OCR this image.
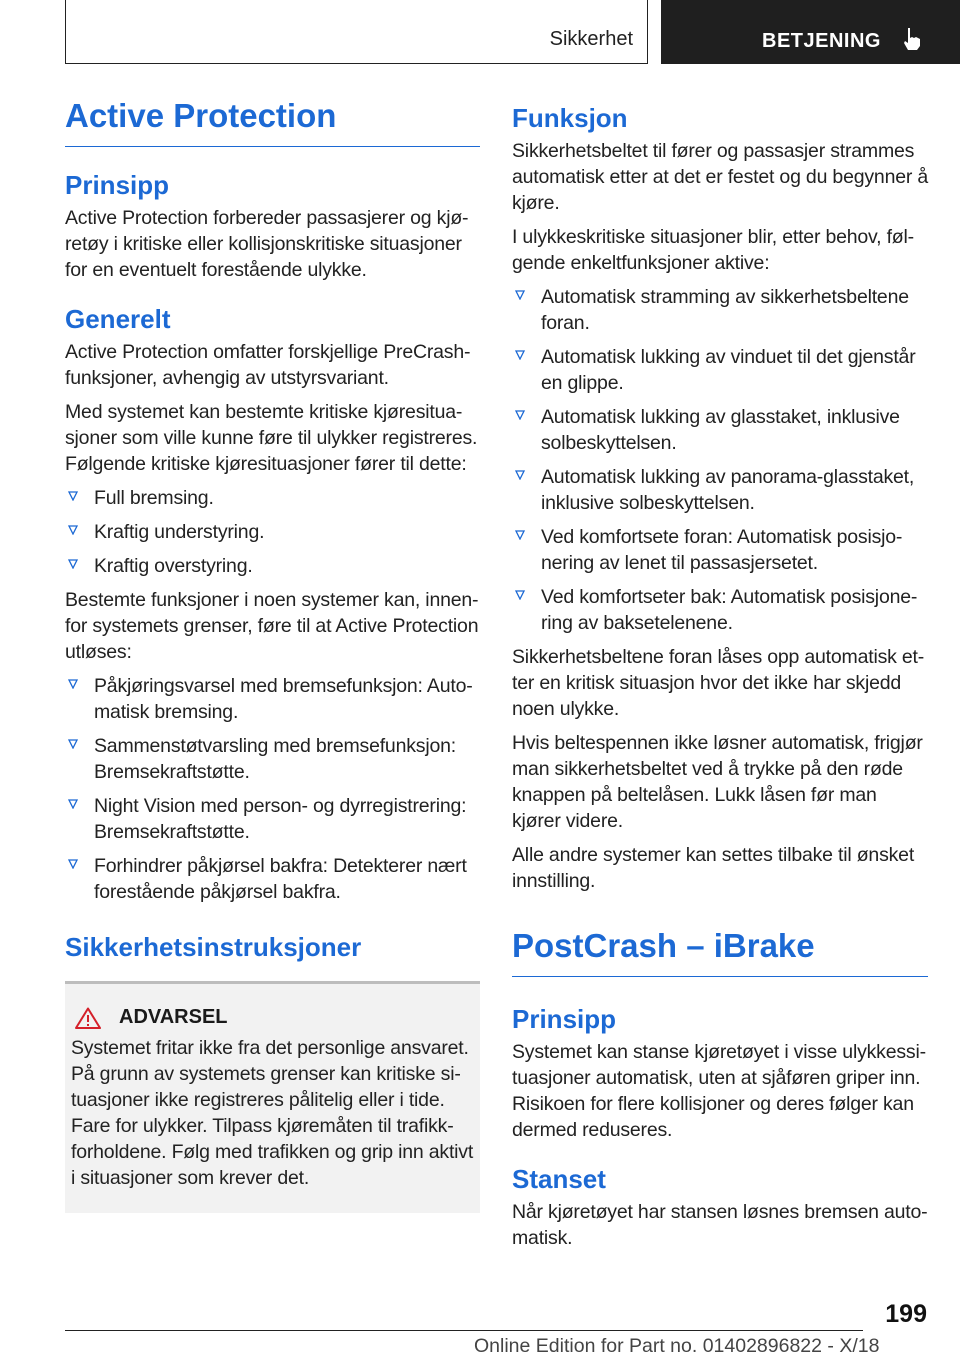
Sikkerhet	BETJENING
Active Protection
Prinsipp

Active Protection forbereder passasjerer og kjøretøy i kritiske eller kollisjonskritiske situasjoner for en eventuelt forestående ulykke.

Generelt

Active Protection omfatter forskjellige PreCrash-funksjoner, avhengig av utstyrsvariant.

Med systemet kan bestemte kritiske kjøresituasjoner som ville kunne føre til ulykker registreres. Følgende kritiske kjøresituasjoner fører til dette:

Full bremsing.
Kraftig understyring.
Kraftig overstyring.

Bestemte funksjoner i noen systemer kan, innenfor systemets grenser, føre til at Active Protection utløses:

Påkjøringsvarsel med bremsefunksjon: Automatisk bremsing.
Sammenstøtvarsling med bremsefunksjon: Bremsekraftstøtte.
Night Vision med person- og dyrregistrering: Bremsekraftstøtte.
Forhindrer påkjørsel bakfra: Detekterer nært forestående påkjørsel bakfra.
Sikkerhetsinstruksjoner
ADVARSEL

Systemet fritar ikke fra det personlige ansvaret. På grunn av systemets grenser kan kritiske situasjoner ikke registreres pålitelig eller i tide. Fare for ulykker. Tilpass kjøremåten til trafikkforholdene. Følg med trafikken og grip inn aktivt i situasjoner som krever det.

Funksjon

Sikkerhetsbeltet til fører og passasjer strammes automatisk etter at det er festet og du begynner å kjøre.

I ulykkeskritiske situasjoner blir, etter behov, følgende enkeltfunksjoner aktive:

Automatisk stramming av sikkerhetsbeltene foran.
Automatisk lukking av vinduet til det gjenstår en glippe.
Automatisk lukking av glasstaket, inklusive solbeskyttelsen.
Automatisk lukking av panorama-glasstaket, inklusive solbeskyttelsen.
Ved komfortsete foran: Automatisk posisjonering av lenet til passasjersetet.
Ved komfortseter bak: Automatisk posisjonering av baksetelenene.

Sikkerhetsbeltene foran låses opp automatisk etter en kritisk situasjon hvor det ikke har skjedd noen ulykke.

Hvis beltespennen ikke løsner automatisk, frigjør man sikkerhetsbeltet ved å trykke på den røde knappen på beltelåsen. Lukk låsen før man kjører videre.

Alle andre systemer kan settes tilbake til ønsket innstilling.

PostCrash – iBrake
Prinsipp

Systemet kan stanse kjøretøyet i visse ulykkessituasjoner automatisk, uten at sjåføren griper inn. Risikoen for flere kollisjoner og deres følger kan dermed reduseres.

Stanset

Når kjøretøyet har stansen løsnes bremsen automatisk.

199
Online Edition for Part no. 01402896822 - X/18
